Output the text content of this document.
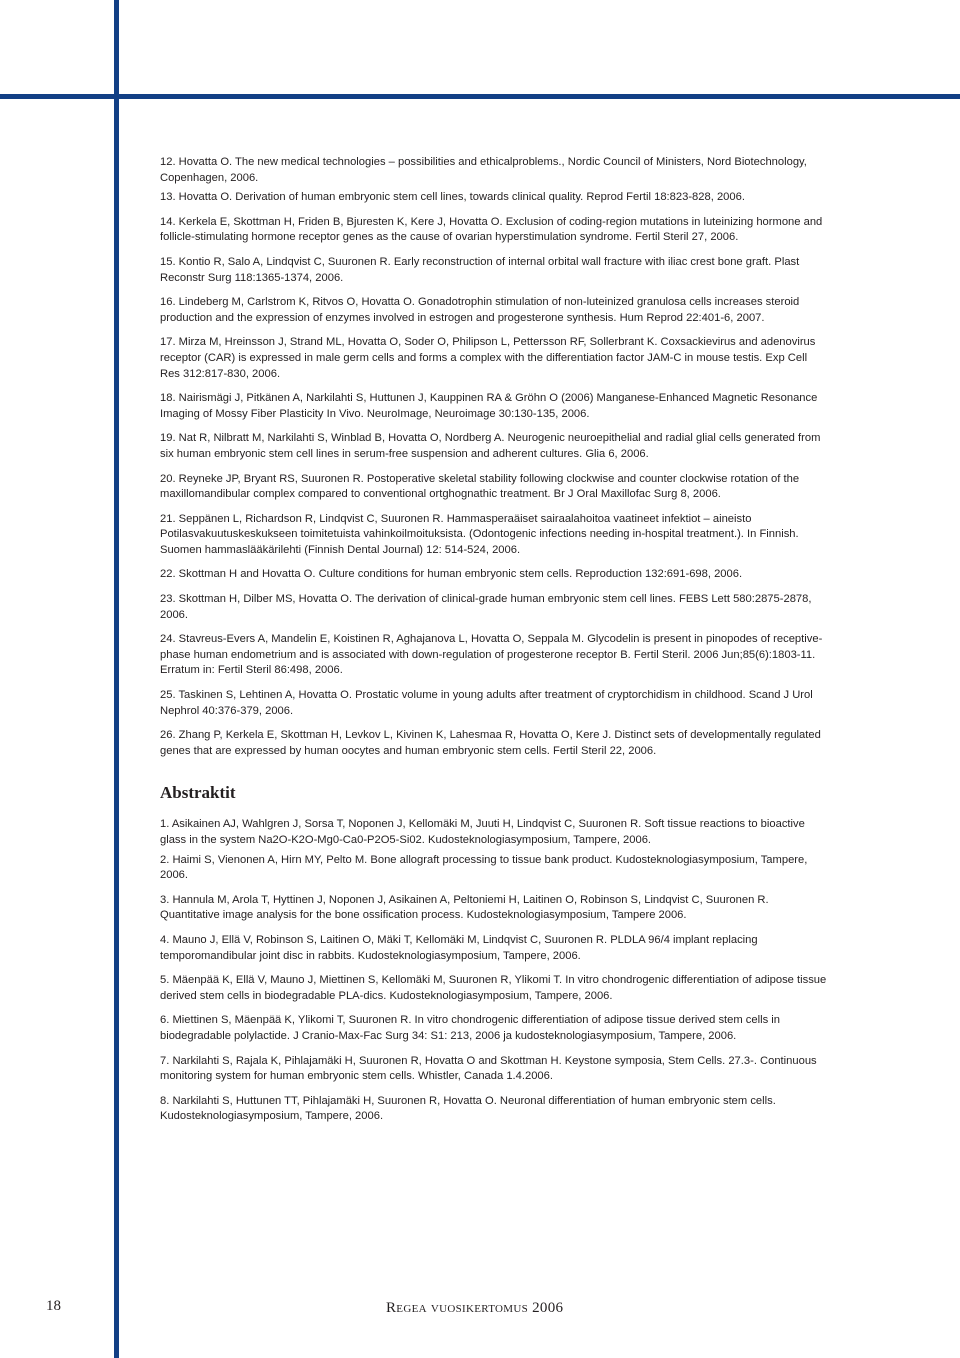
12. Hovatta O. The new medical technologies – possibilities and ethicalproblems., Nordic Council of Ministers, Nord Biotechnology, Copenhagen, 2006.

13. Hovatta O. Derivation of human embryonic stem cell lines, towards clinical quality. Reprod Fertil 18:823-828, 2006.

14. Kerkela E, Skottman H, Friden B, Bjuresten K, Kere J, Hovatta O. Exclusion of coding-region mutations in luteinizing hormone and follicle-stimulating hormone receptor genes as the cause of ovarian hyperstimulation syndrome. Fertil Steril 27, 2006.

15. Kontio R, Salo A, Lindqvist C, Suuronen R. Early reconstruction of internal orbital wall fracture with iliac crest bone graft. Plast Reconstr Surg 118:1365-1374, 2006.

16. Lindeberg M, Carlstrom K, Ritvos O, Hovatta O. Gonadotrophin stimulation of non-luteinized granulosa cells increases steroid production and the expression of enzymes involved in estrogen and progesterone synthesis. Hum Reprod 22:401-6, 2007.

17. Mirza M, Hreinsson J, Strand ML, Hovatta O, Soder O, Philipson L, Pettersson RF, Sollerbrant K. Coxsackievirus and adenovirus receptor (CAR) is expressed in male germ cells and forms a complex with the differentiation factor JAM-C in mouse testis. Exp Cell Res 312:817-830, 2006.

18. Nairismägi J, Pitkänen A, Narkilahti S, Huttunen J, Kauppinen RA & Gröhn O (2006) Manganese-Enhanced Magnetic Resonance Imaging of Mossy Fiber Plasticity In Vivo. NeuroImage, Neuroimage 30:130-135, 2006.

19. Nat R, Nilbratt M, Narkilahti S, Winblad B, Hovatta O, Nordberg A. Neurogenic neuroepithelial and radial glial cells generated from six human embryonic stem cell lines in serum-free suspension and adherent cultures. Glia 6, 2006.

20. Reyneke JP, Bryant RS, Suuronen R. Postoperative skeletal stability following clockwise and counter clockwise rotation of the maxillomandibular complex compared to conventional ortghognathic treatment. Br J Oral Maxillofac Surg 8, 2006.

21. Seppänen L, Richardson R, Lindqvist C, Suuronen R. Hammasperaäiset sairaalahoitoa vaatineet infektiot – aineisto Potilasvakuutuskeskukseen toimitetuista vahinkoilmoituksista. (Odontogenic infections needing in-hospital treatment.). In Finnish. Suomen hammaslääkärilehti (Finnish Dental Journal) 12: 514-524, 2006.

22. Skottman H and Hovatta O. Culture conditions for human embryonic stem cells. Reproduction 132:691-698, 2006.

23. Skottman H, Dilber MS, Hovatta O. The derivation of clinical-grade human embryonic stem cell lines. FEBS Lett 580:2875-2878, 2006.

24. Stavreus-Evers A, Mandelin E, Koistinen R, Aghajanova L, Hovatta O, Seppala M. Glycodelin is present in pinopodes of receptive-phase human endometrium and is associated with down-regulation of progesterone receptor B. Fertil Steril. 2006 Jun;85(6):1803-11. Erratum in: Fertil Steril 86:498, 2006.

25. Taskinen S, Lehtinen A, Hovatta O. Prostatic volume in young adults after treatment of cryptorchidism in childhood. Scand J Urol Nephrol 40:376-379, 2006.

26. Zhang P, Kerkela E, Skottman H, Levkov L, Kivinen K, Lahesmaa R, Hovatta O, Kere J. Distinct sets of developmentally regulated genes that are expressed by human oocytes and human embryonic stem cells. Fertil Steril 22, 2006.

Abstraktit

1. Asikainen AJ, Wahlgren J, Sorsa T, Noponen J, Kellomäki M, Juuti H, Lindqvist C, Suuronen R. Soft tissue reactions to bioactive glass in the system Na2O-K2O-Mg0-Ca0-P2O5-Si02. Kudosteknologiasymposium, Tampere, 2006.

2. Haimi S, Vienonen A, Hirn MY, Pelto M. Bone allograft processing to tissue bank product. Kudosteknologiasymposium, Tampere, 2006.

3. Hannula M, Arola T, Hyttinen J, Noponen J, Asikainen A, Peltoniemi H, Laitinen O, Robinson S, Lindqvist C, Suuronen R. Quantitative image analysis for the bone ossification process. Kudosteknologiasymposium, Tampere 2006.

4. Mauno J, Ellä V, Robinson S, Laitinen O, Mäki T, Kellomäki M, Lindqvist C, Suuronen R. PLDLA 96/4 implant replacing temporomandibular joint disc in rabbits. Kudosteknologiasymposium, Tampere, 2006.

5. Mäenpää K, Ellä V, Mauno J, Miettinen S, Kellomäki M, Suuronen R, Ylikomi T. In vitro chondrogenic differentiation of adipose tissue derived stem cells in biodegradable PLA-dics. Kudosteknologiasymposium, Tampere, 2006.

6. Miettinen S, Mäenpää K, Ylikomi T, Suuronen R. In vitro chondrogenic differentiation of adipose tissue derived stem cells in biodegradable polylactide. J Cranio-Max-Fac Surg 34: S1: 213, 2006 ja kudosteknologiasymposium, Tampere, 2006.

7. Narkilahti S, Rajala K, Pihlajamäki H, Suuronen R, Hovatta O and Skottman H. Keystone symposia, Stem Cells. 27.3-. Continuous monitoring system for human embryonic stem cells. Whistler, Canada 1.4.2006.

8. Narkilahti S, Huttunen TT, Pihlajamäki H, Suuronen R, Hovatta O. Neuronal differentiation of human embryonic stem cells. Kudosteknologiasymposium, Tampere, 2006.

18	Regea vuosikertomus 2006
